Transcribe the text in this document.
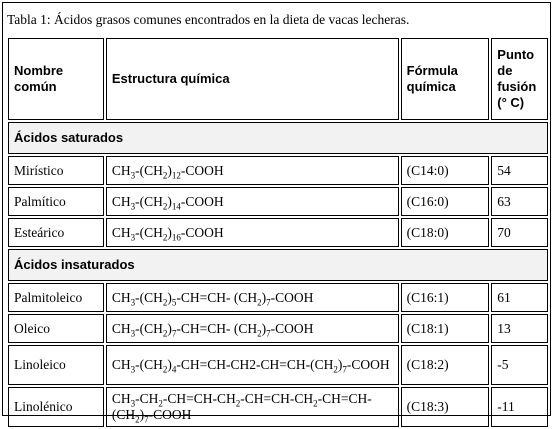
Tabla 1: Ácidos grasos comunes encontrados en la dieta de vacas lecheras.
Nombre común	Estructura química	Fórmula química	Punto de fusión (° C)
Ácidos saturados			
Mirístico	$CH_3-(CH_2)_{12}$-COOH	(C14:0)	54
Palmítico	$CH_3-(CH_2)_{14}$-COOH	(C16:0)	63
Esteárico	$CH_3-(CH_2)_{16}$-COOH	(C18:0)	70
Ácidos insaturados			
Palmitoleico	$CH_3-(CH_2)_5-CH=CH-$ $(CH_2)_7$-COOH	(C16:1)	61
Oleico	$CH_3-(CH_2)_7-CH=CH-$ $(CH_2)_7$-COOH	(C18:1)	13
Linoleico	$CH_3-(CH_2)_4-CH=CH-CH2-CH=CH-(CH_2)_7$-COOH	(C18:2)	-5
Linolénico	$CH_3-CH_2-CH=CH-CH_2-CH=CH-CH_2-CH=CH-(CH_2)_7$-COOH	(C18:3)	-11
